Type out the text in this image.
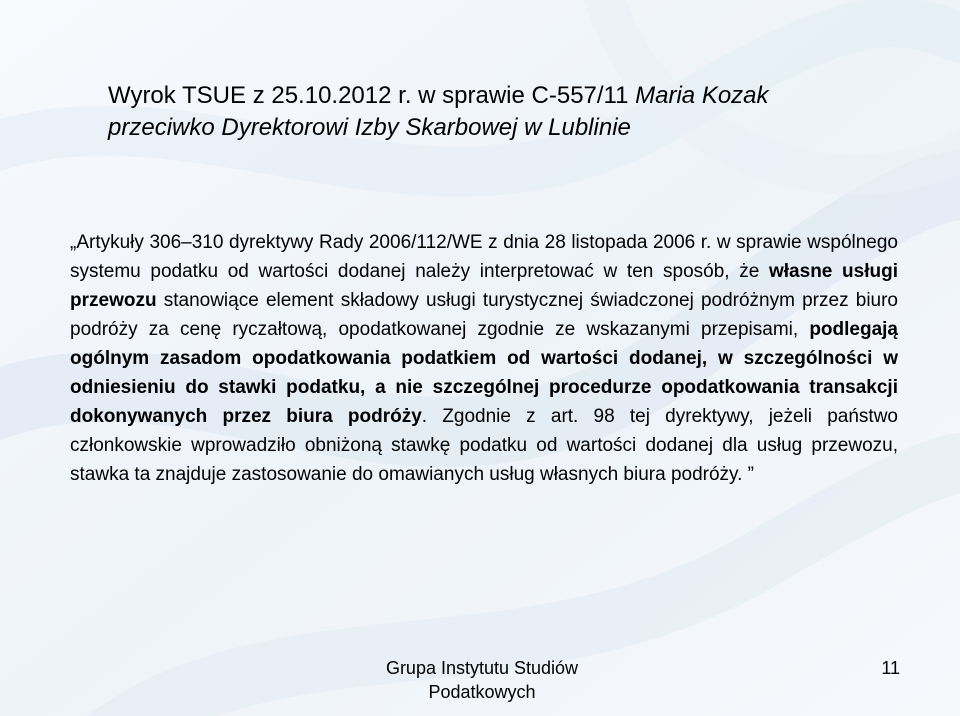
Wyrok TSUE z 25.10.2012 r. w sprawie C-557/11 Maria Kozak
przeciwko Dyrektorowi Izby Skarbowej w Lublinie
„Artykuły 306–310 dyrektywy Rady 2006/112/WE z dnia 28 listopada 2006 r. w sprawie wspólnego systemu podatku od wartości dodanej należy interpretować w ten sposób, że własne usługi przewozu stanowiące element składowy usługi turystycznej świadczonej podróżnym przez biuro podróży za cenę ryczałtową, opodatkowanej zgodnie ze wskazanymi przepisami, podlegają ogólnym zasadom opodatkowania podatkiem od wartości dodanej, w szczególności w odniesieniu do stawki podatku, a nie szczególnej procedurze opodatkowania transakcji dokonywanych przez biura podróży. Zgodnie z art. 98 tej dyrektywy, jeżeli państwo członkowskie wprowadziło obniżoną stawkę podatku od wartości dodanej dla usług przewozu, stawka ta znajduje zastosowanie do omawianych usług własnych biura podróży. ”
Grupa Instytutu Studiów Podatkowych
11
